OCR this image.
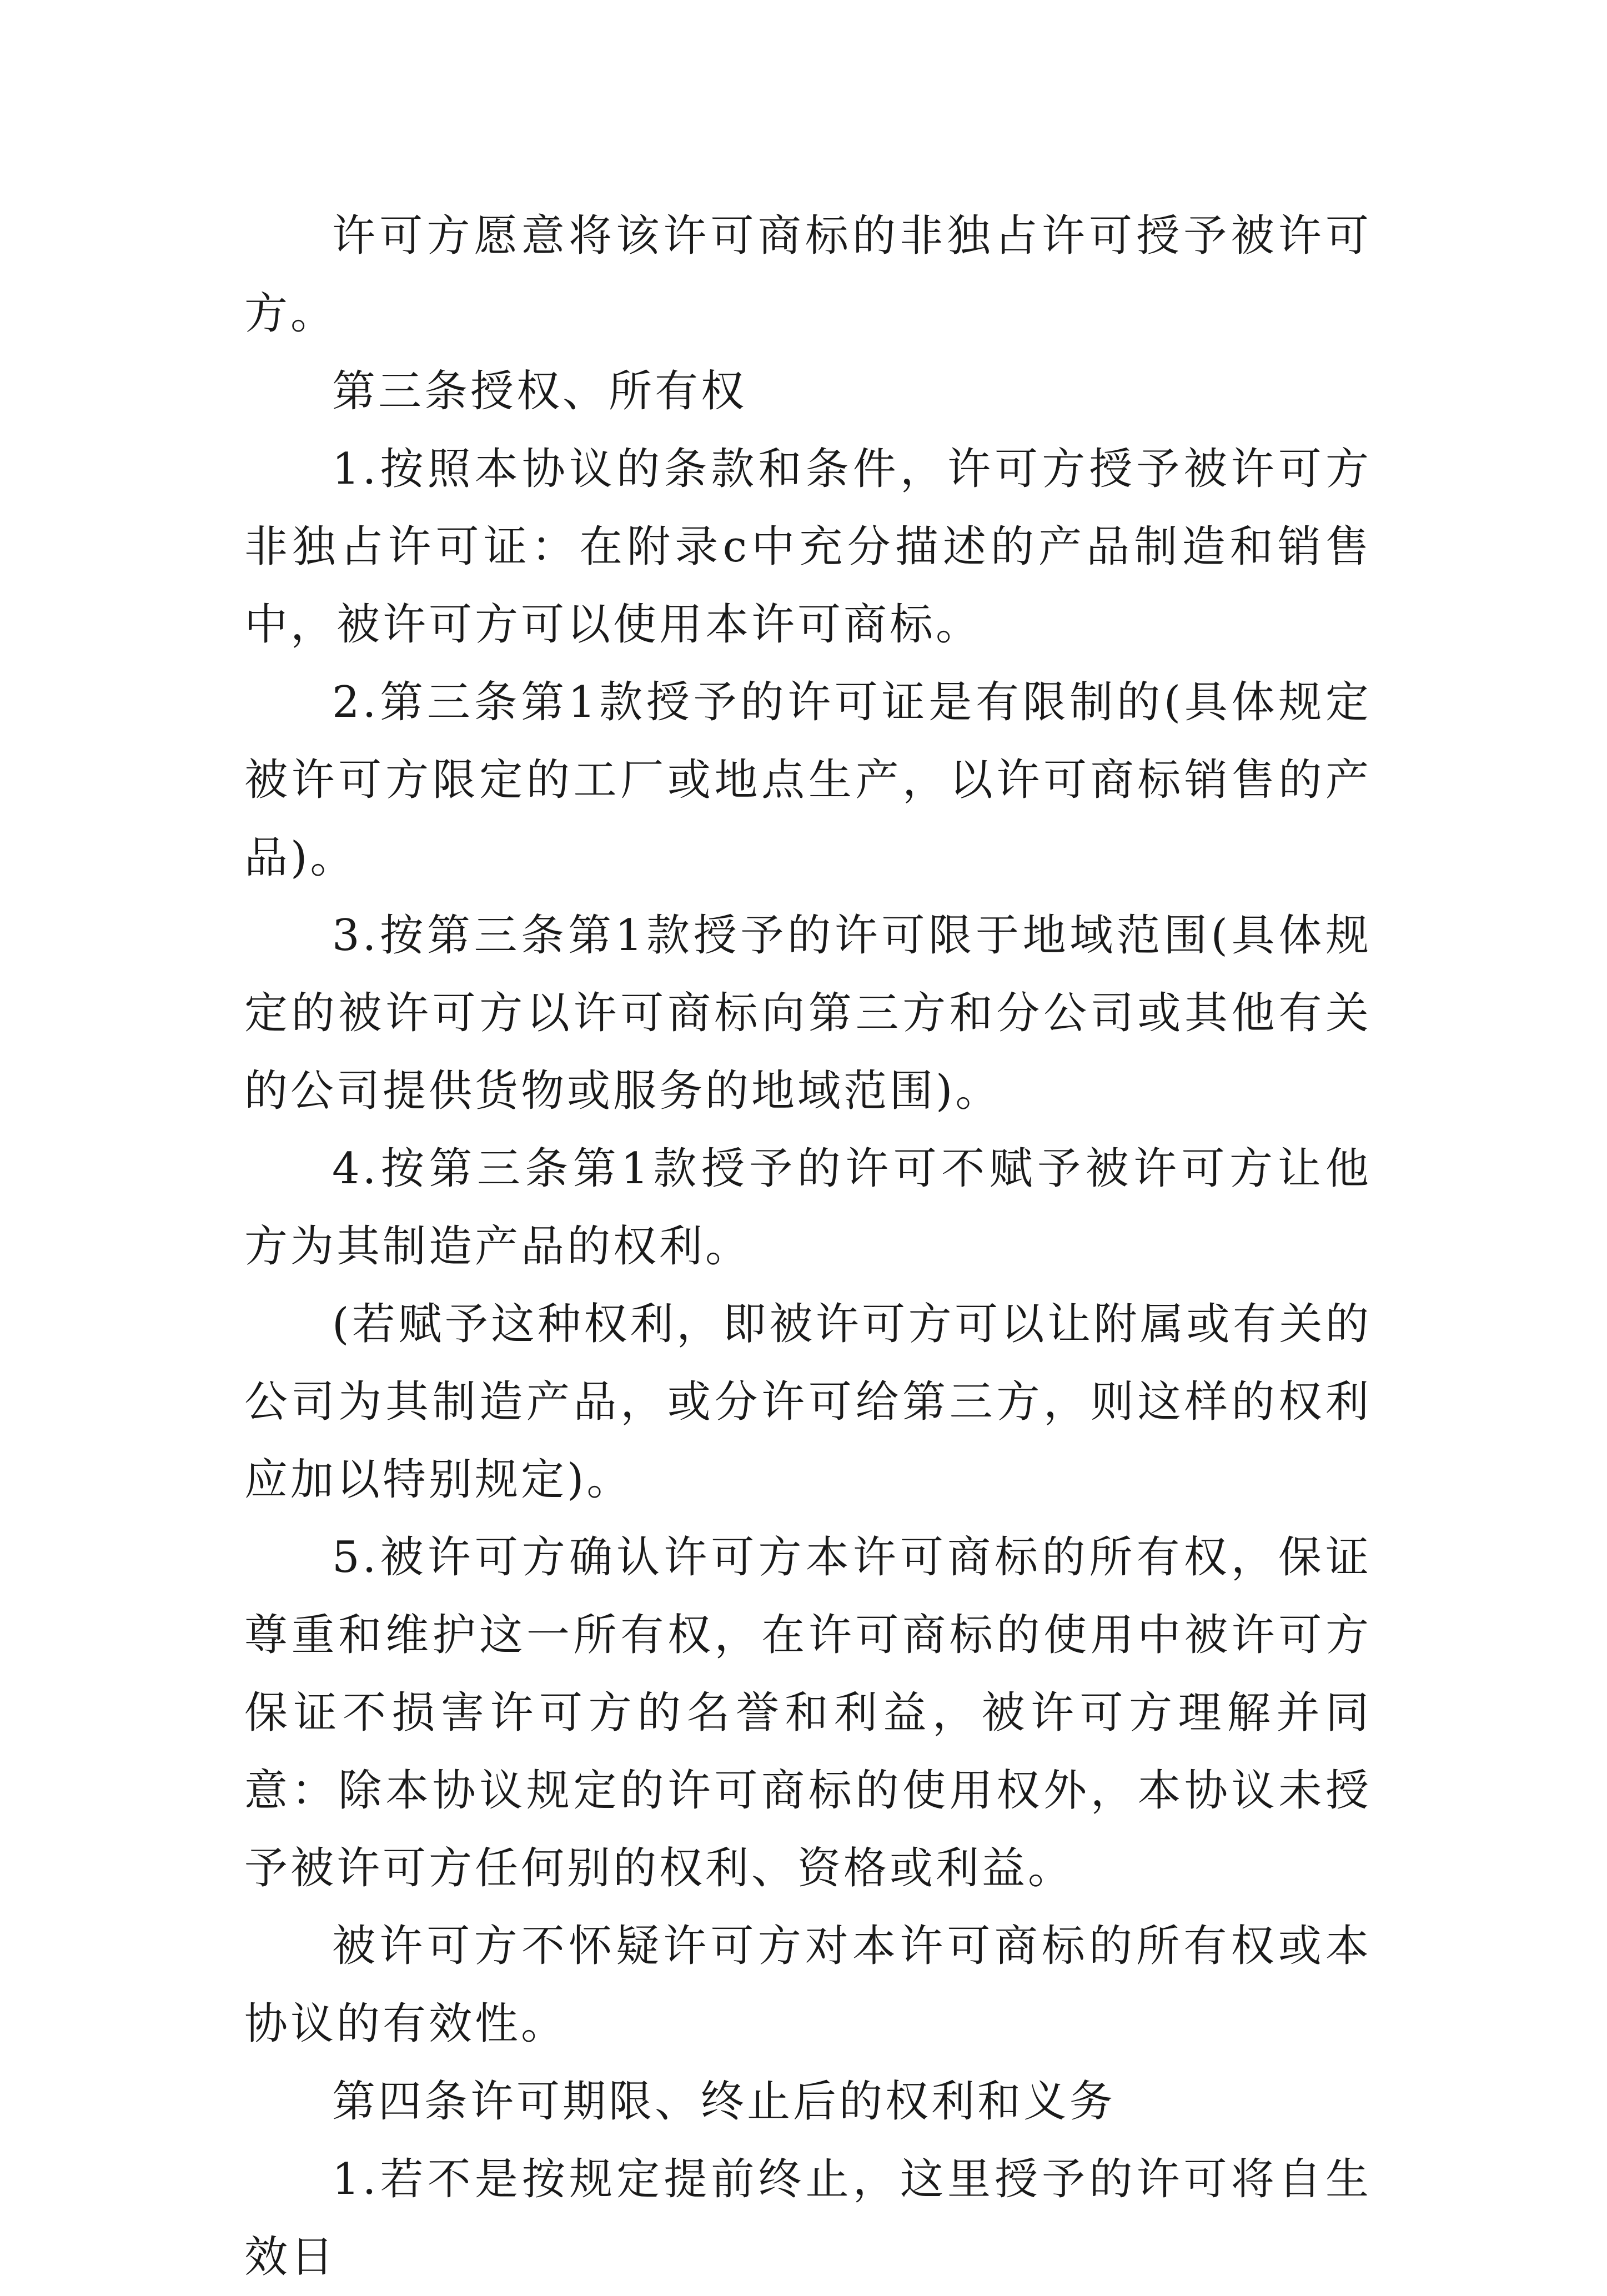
许可方愿意将该许可商标的非独占许可授予被许可方。

第三条授权、所有权

1.按照本协议的条款和条件，许可方授予被许可方非独占许可证：在附录c中充分描述的产品制造和销售中，被许可方可以使用本许可商标。

2.第三条第1款授予的许可证是有限制的(具体规定被许可方限定的工厂或地点生产，以许可商标销售的产品)。

3.按第三条第1款授予的许可限于地域范围(具体规定的被许可方以许可商标向第三方和分公司或其他有关的公司提供货物或服务的地域范围)。

4.按第三条第1款授予的许可不赋予被许可方让他方为其制造产品的权利。

(若赋予这种权利，即被许可方可以让附属或有关的公司为其制造产品，或分许可给第三方，则这样的权利应加以特别规定)。

5.被许可方确认许可方本许可商标的所有权，保证尊重和维护这一所有权，在许可商标的使用中被许可方保证不损害许可方的名誉和利益，被许可方理解并同意：除本协议规定的许可商标的使用权外，本协议未授予被许可方任何别的权利、资格或利益。

被许可方不怀疑许可方对本许可商标的所有权或本协议的有效性。

第四条许可期限、终止后的权利和义务

1.若不是按规定提前终止，这里授予的许可将自生效日
